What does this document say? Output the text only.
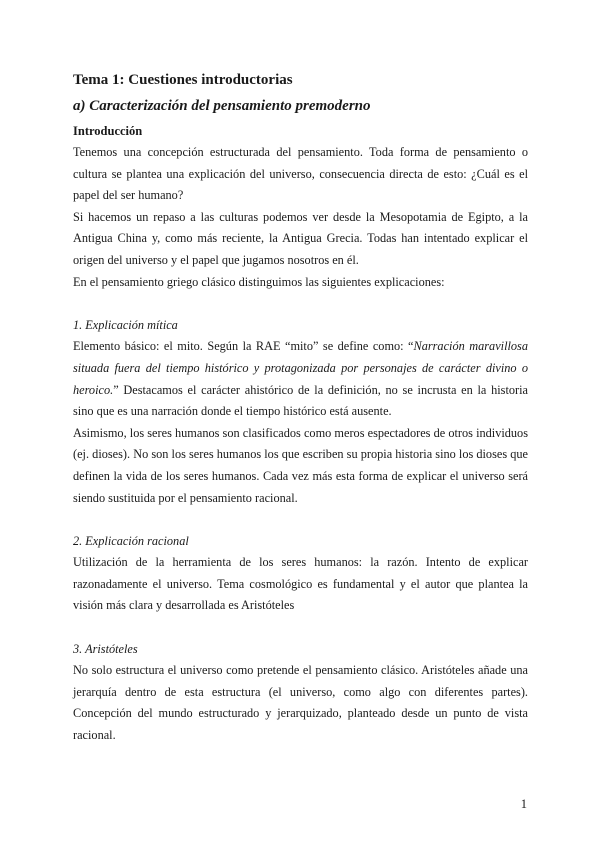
Tema 1: Cuestiones introductorias
a) Caracterización del pensamiento premoderno
Introducción

Tenemos una concepción estructurada del pensamiento. Toda forma de pensamiento o cultura se plantea una explicación del universo, consecuencia directa de esto: ¿Cuál es el papel del ser humano?

Si hacemos un repaso a las culturas podemos ver desde la Mesopotamia de Egipto, a la Antigua China y, como más reciente, la Antigua Grecia. Todas han intentado explicar el origen del universo y el papel que jugamos nosotros en él.

En el pensamiento griego clásico distinguimos las siguientes explicaciones:

1. Explicación mítica

Elemento básico: el mito. Según la RAE “mito” se define como: “Narración maravillosa situada fuera del tiempo histórico y protagonizada por personajes de carácter divino o heroico.” Destacamos el carácter ahistórico de la definición, no se incrusta en la historia sino que es una narración donde el tiempo histórico está ausente.

Asimismo, los seres humanos son clasificados como meros espectadores de otros individuos (ej. dioses). No son los seres humanos los que escriben su propia historia sino los dioses que definen la vida de los seres humanos. Cada vez más esta forma de explicar el universo será siendo sustituida por el pensamiento racional.

2. Explicación racional

Utilización de la herramienta de los seres humanos: la razón. Intento de explicar razonadamente el universo. Tema cosmológico es fundamental y el autor que plantea la visión más clara y desarrollada es Aristóteles

3. Aristóteles

No solo estructura el universo como pretende el pensamiento clásico. Aristóteles añade una jerarquía dentro de esta estructura (el universo, como algo con diferentes partes). Concepción del mundo estructurado y jerarquizado, planteado desde un punto de vista racional.

1
